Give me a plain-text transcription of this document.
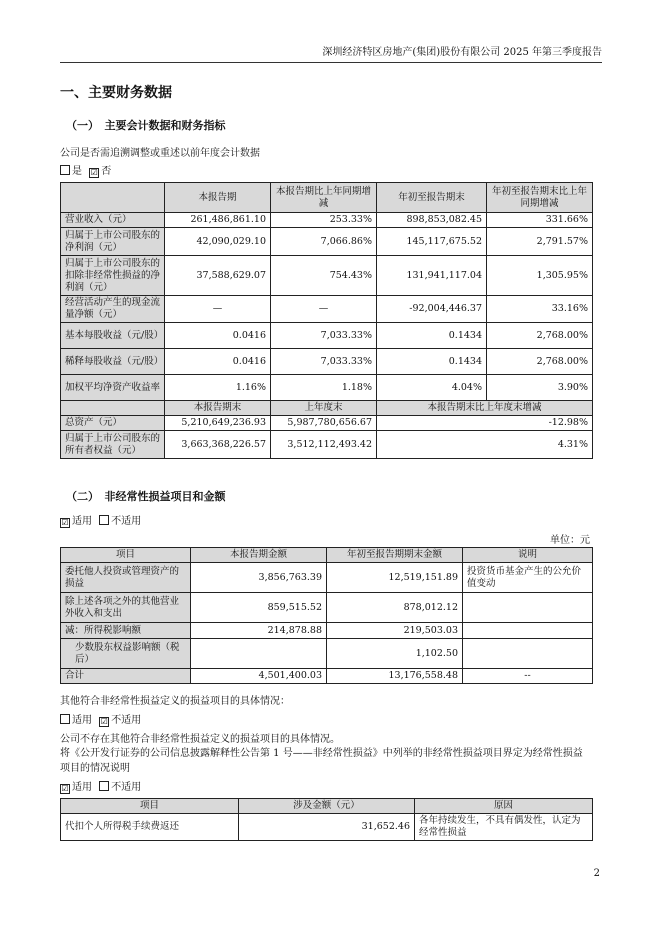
深圳经济特区房地产(集团)股份有限公司 2025 年第三季度报告
一、主要财务数据
（一）　主要会计数据和财务指标
公司是否需追溯调整或重述以前年度会计数据
是 ☑ 否
	本报告期	本报告期比上年同期增减	年初至报告期末	年初至报告期末比上年同期增减
营业收入（元）	261,486,861.10	253.33%	898,853,082.45	331.66%
归属于上市公司股东的净利润（元）	42,090,029.10	7,066.86%	145,117,675.52	2,791.57%
归属于上市公司股东的扣除非经常性损益的净利润（元）	37,588,629.07	754.43%	131,941,117.04	1,305.95%
经营活动产生的现金流量净额（元）	—	—	-92,004,446.37	33.16%
基本每股收益（元/股）	0.0416	7,033.33%	0.1434	2,768.00%
稀释每股收益（元/股）	0.0416	7,033.33%	0.1434	2,768.00%
加权平均净资产收益率	1.16%	1.18%	4.04%	3.90%
	本报告期末	上年度末	本报告期末比上年度末增减	
总资产（元）	5,210,649,236.93	5,987,780,656.67	-12.98%	
归属于上市公司股东的所有者权益（元）	3,663,368,226.57	3,512,112,493.42	4.31%	
（二）　非经常性损益项目和金额
☑ 适用 不适用
单位：元
项目	本报告期金额	年初至报告期期末金额	说明
委托他人投资或管理资产的损益	3,856,763.39	12,519,151.89	投资货币基金产生的公允价值变动
除上述各项之外的其他营业外收入和支出	859,515.52	878,012.12	
减：所得税影响额	214,878.88	219,503.03	
少数股东权益影响额（税后）		1,102.50	
合计	4,501,400.03	13,176,558.48	--
其他符合非经常性损益定义的损益项目的具体情况：
适用 ☑ 不适用
公司不存在其他符合非经常性损益定义的损益项目的具体情况。
将《公开发行证券的公司信息披露解释性公告第 1 号——非经常性损益》中列举的非经常性损益项目界定为经常性损益
项目的情况说明
☑ 适用 不适用
项目	涉及金额（元）	原因
代扣个人所得税手续费返还	31,652.46	各年持续发生，不具有偶发性，认定为经常性损益
2
